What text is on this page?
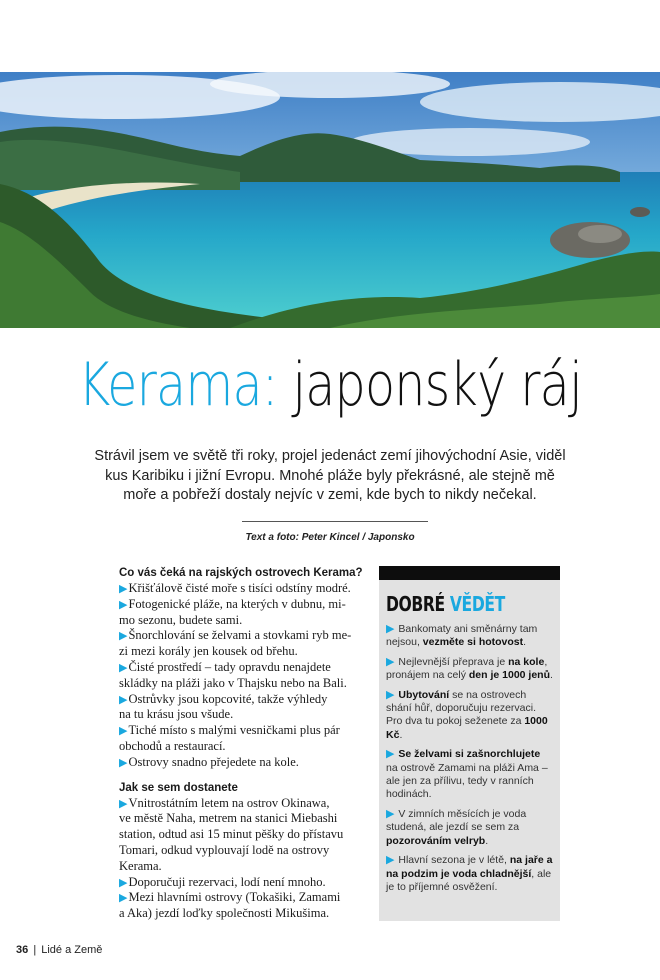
Kerama: japonský ráj
Strávil jsem ve světě tři roky, projel jedenáct zemí jihovýchodní Asie, viděl kus Karibiku i jižní Evropu. Mnohé pláže byly překrásné, ale stejně mě moře a pobřeží dostaly nejvíc v zemi, kde bych to nikdy nečekal.
Text a foto: Peter Kincel / Japonsko
Co vás čeká na rajských ostrovech Kerama?
▶Křišťálově čisté moře s tisíci odstíny modré.
▶Fotogenické pláže, na kterých v dubnu, mi-
mo sezonu, budete sami.
▶Šnorchlování se želvami a stovkami ryb me-
zi mezi korály jen kousek od břehu.
▶Čisté prostředí – tady opravdu nenajdete
skládky na pláži jako v Thajsku nebo na Bali.
▶Ostrůvky jsou kopcovité, takže výhledy
na tu krásu jsou všude.
▶Tiché místo s malými vesničkami plus pár
obchodů a restaurací.
▶Ostrovy snadno přejedete na kole.
Jak se sem dostanete
▶Vnitrostátním letem na ostrov Okinawa,
ve městě Naha, metrem na stanici Miebashi station, odtud asi 15 minut pěšky do přístavu Tomari, odkud vyplouvají lodě na ostrovy Kerama.
▶Doporučuji rezervaci, lodí není mnoho.
▶Mezi hlavními ostrovy (Tokašiki, Zamami
a Aka) jezdí loďky společnosti Mikušima.
DOBRÉ VĚDĚT
▶ Bankomaty ani směnárny tam nejsou, vezměte si hotovost.
▶ Nejlevnější přeprava je na kole, pronájem na celý den je 1000 jenů.
▶ Ubytování se na ostrovech shání hůř, doporučuju rezervaci. Pro dva tu pokoj seženete za 1000 Kč.
▶ Se želvami si zašnorchlujete na ostrově Zamami na pláži Ama – ale jen za přílivu, tedy v ranních hodinách.
▶ V zimních měsících je voda studená, ale jezdí se sem za pozorováním velryb.
▶ Hlavní sezona je v létě, na jaře a na podzim je voda chladnější, ale je to příjemné osvěžení.
36 | Lidé a Země
